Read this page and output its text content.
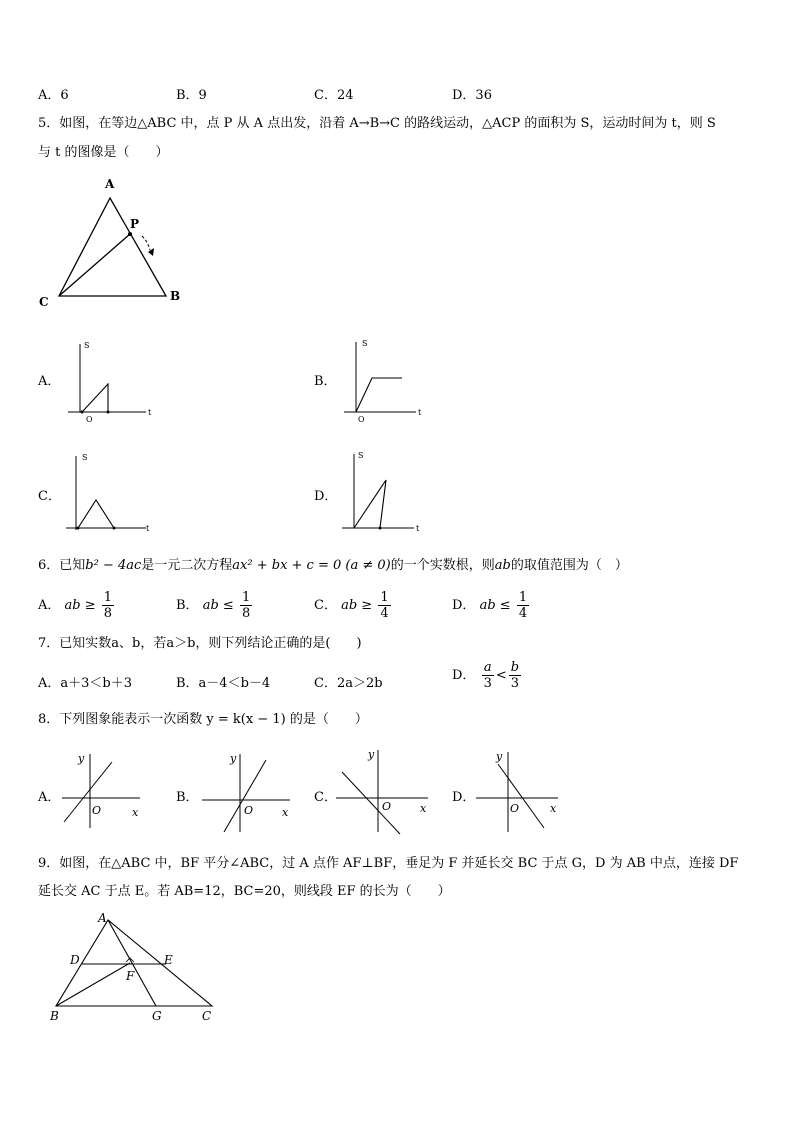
A．6	B．9	C．24	D．36
5．如图，在等边△ABC 中，点 P 从 A 点出发，沿着 A→B→C 的路线运动，△ACP 的面积为 S，运动时间为 t，则 S
与 t 的图像是（　　）
A
P
C	B
A．	B．
C．	D．
S
t
O
S
t
O
S
t
S
t
6．已知b² − 4ac是一元二次方程ax² + bx + c = 0 (a ≠ 0)的一个实数根，则ab的取值范围为（　）
A． ab ≥ $\frac{1}{8}$	B． ab ≤ $\frac{1}{8}$	C． ab ≥ $\frac{1}{4}$	D． ab ≤ $\frac{1}{4}$
7．已知实数a、b，若a＞b，则下列结论正确的是(　　)
A．a＋3＜b＋3	B．a－4＜b－4	C．2a＞2b
D． $\frac{a}{3} < \frac{b}{3}$
8．下列图象能表示一次函数 y = k(x − 1) 的是（　　）
A．	B．	C．	D．
y
x
O
y
x
O
y
x
O
y
x
O
9．如图，在△ABC 中，BF 平分∠ABC，过 A 点作 AF⊥BF，垂足为 F 并延长交 BC 于点 G，D 为 AB 中点，连接 DF
延长交 AC 于点 E。若 AB=12，BC=20，则线段 EF 的长为（　　）
A
D	E
F
B	G	C
